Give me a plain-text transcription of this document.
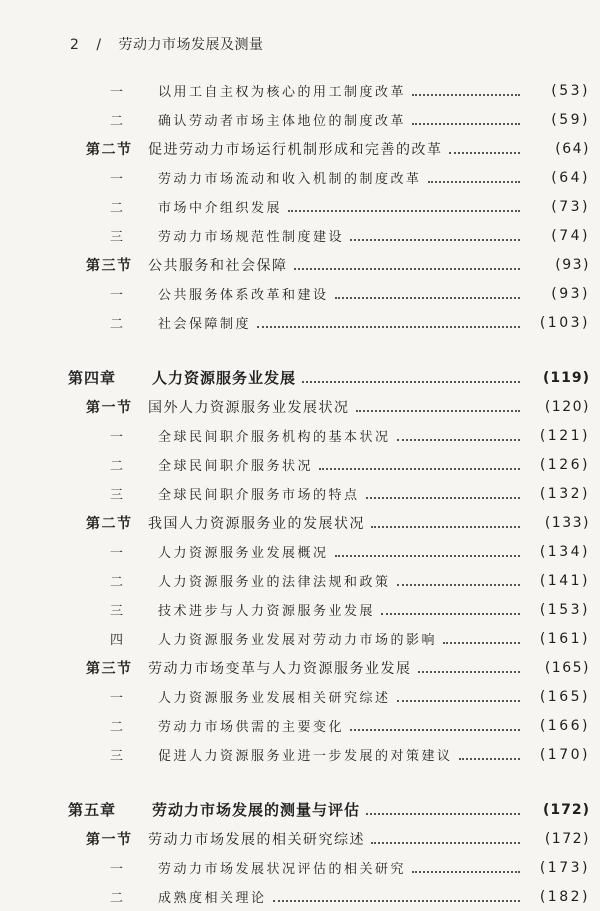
2 / 劳动力市场发展及测量
一	以用工自主权为核心的用工制度改革	(53)
二	确认劳动者市场主体地位的制度改革	(59)
第二节	促进劳动力市场运行机制形成和完善的改革	(64)
一	劳动力市场流动和收入机制的制度改革	(64)
二	市场中介组织发展	(73)
三	劳动力市场规范性制度建设	(74)
第三节	公共服务和社会保障	(93)
一	公共服务体系改革和建设	(93)
二	社会保障制度	(103)
第四章	人力资源服务业发展	(119)
第一节	国外人力资源服务业发展状况	(120)
一	全球民间职介服务机构的基本状况	(121)
二	全球民间职介服务状况	(126)
三	全球民间职介服务市场的特点	(132)
第二节	我国人力资源服务业的发展状况	(133)
一	人力资源服务业发展概况	(134)
二	人力资源服务业的法律法规和政策	(141)
三	技术进步与人力资源服务业发展	(153)
四	人力资源服务业发展对劳动力市场的影响	(161)
第三节	劳动力市场变革与人力资源服务业发展	(165)
一	人力资源服务业发展相关研究综述	(165)
二	劳动力市场供需的主要变化	(166)
三	促进人力资源服务业进一步发展的对策建议	(170)
第五章	劳动力市场发展的测量与评估	(172)
第一节	劳动力市场发展的相关研究综述	(172)
一	劳动力市场发展状况评估的相关研究	(173)
二	成熟度相关理论	(182)
